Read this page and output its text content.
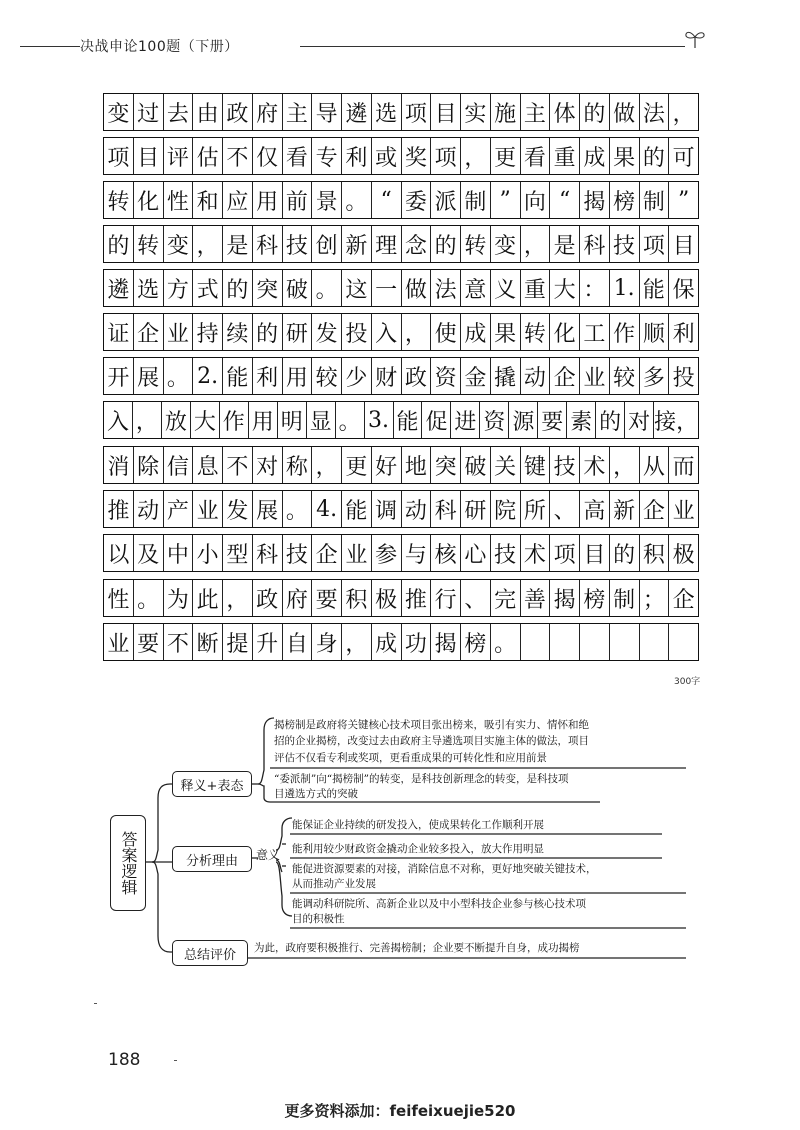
决战申论100题（下册）
变 过 去 由 政 府 主 导 遴 选 项 目 实 施 主 体 的 做 法 ，
项 目 评 估 不 仅 看 专 利 或 奖 项 ， 更 看 重 成 果 的 可
转 化 性 和 应 用 前 景 。 “ 委 派 制 ” 向 “ 揭 榜 制 ”
的 转 变 ， 是 科 技 创 新 理 念 的 转 变 ， 是 科 技 项 目
遴 选 方 式 的 突 破 。 这 一 做 法 意 义 重 大 ： 1. 能 保
证 企 业 持 续 的 研 发 投 入 ， 使 成 果 转 化 工 作 顺 利
开 展 。 2. 能 利 用 较 少 财 政 资 金 撬 动 企 业 较 多 投
入 ， 放 大 作 用 明 显 。 3. 能 促 进 资 源 要 素 的 对 接，
消 除 信 息 不 对 称 ， 更 好 地 突 破 关 键 技 术 ， 从 而
推 动 产 业 发 展 。 4. 能 调 动 科 研 院 所 、 高 新 企 业
以 及 中 小 型 科 技 企 业 参 与 核 心 技 术 项 目 的 积 极
性 。 为 此 ， 政 府 要 积 极 推 行 、 完 善 揭 榜 制 ； 企
业 要 不 断 提 升 自 身 ， 成 功 揭 榜 。
300字
答案逻辑
释义+表态
揭榜制是政府将关键核心技术项目张出榜来，吸引有实力、情怀和绝
招的企业揭榜，改变过去由政府主导遴选项目实施主体的做法，项目
评估不仅看专利或奖项，更看重成果的可转化性和应用前景
“委派制”向“揭榜制”的转变，是科技创新理念的转变，是科技项
目遴选方式的突破
分析理由	意义
能保证企业持续的研发投入，使成果转化工作顺利开展
能利用较少财政资金撬动企业较多投入，放大作用明显
能促进资源要素的对接，消除信息不对称，更好地突破关键技术，
从而推动产业发展
能调动科研院所、高新企业以及中小型科技企业参与核心技术项
目的积极性
总结评价	为此，政府要积极推行、完善揭榜制；企业要不断提升自身，成功揭榜
188
更多资料添加：feifeixuejie520
